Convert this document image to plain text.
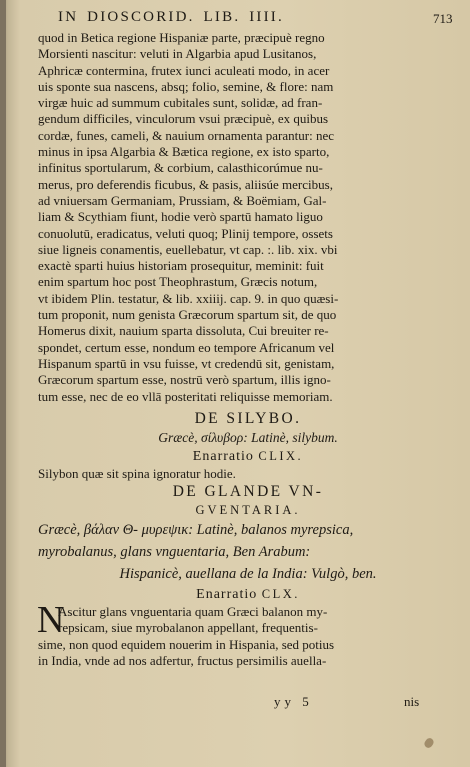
IN DIOSCORID. LIB. IIII.	713
quod in Betica regione Hispaniæ parte, præcipuè regno
Morsienti nascitur: veluti in Algarbia apud Lusitanos,
Aphricæ contermina, frutex iunci aculeati modo, in acer
uis sponte sua nascens, absq; folio, semine, & flore: nam
virgæ huic ad summum cubitales sunt, solidæ, ad fran-
gendum difficiles, vinculorum vsui præcipuè, ex quibus
cordæ, funes, cameli, & nauium ornamenta parantur: nec
minus in ipsa Algarbia & Bætica regione, ex isto sparto,
infinitus sportularum, & corbium, calasthicorúmue nu-
merus, pro deferendis ficubus, & pasis, aliisúe mercibus,
ad vniuersam Germaniam, Prussiam, & Boëmiam, Gal-
liam & Scythiam fiunt, hodie verò spartū hamato liguo
conuolutū, eradicatus, veluti quoq; Plinij tempore, ossets
siue ligneis conamentis, euellebatur, vt cap. :. lib. xix. vbi
exactè sparti huius historiam prosequitur, meminit: fuit
enim spartum hoc post Theophrastum, Græcis notum,
vt ibidem Plin. testatur, & lib. xxiiij. cap. 9. in quo quæsi-
tum proponit, num genista Græcorum spartum sit, de quo
Homerus dixit, nauium sparta dissoluta, Cui breuiter re-
spondet, certum esse, nondum eo tempore Africanum vel
Hispanum spartū in vsu fuisse, vt credendū sit, genistam,
Græcorum spartum esse, nostrū verò spartum, illis igno-
tum esse, nec de eo vllā posteritati reliquisse memoriam.
DE SILYBO.
Græcè, σίλυβορ: Latinè, silybum.
Enarratio CLIX.
Silybon quæ sit spina ignoratur hodie.
DE GLANDE VN-
GVENTARIA.
Græcè, βάλαν Θ- μυρεψικ: Latinè, balanos myrepsica,
myrobalanus, glans vnguentaria, Ben Arabum:
Hispanicè, auellana de la India: Vulgò, ben.
Enarratio CLX.
N
Ascitur glans vnguentaria quam Græci balanon my-
repsicam, siue myrobalanon appellant, frequentis-
sime, non quod equidem nouerim in Hispania, sed potius
in India, vnde ad nos adfertur, fructus persimilis auella-
yy 5	nis
